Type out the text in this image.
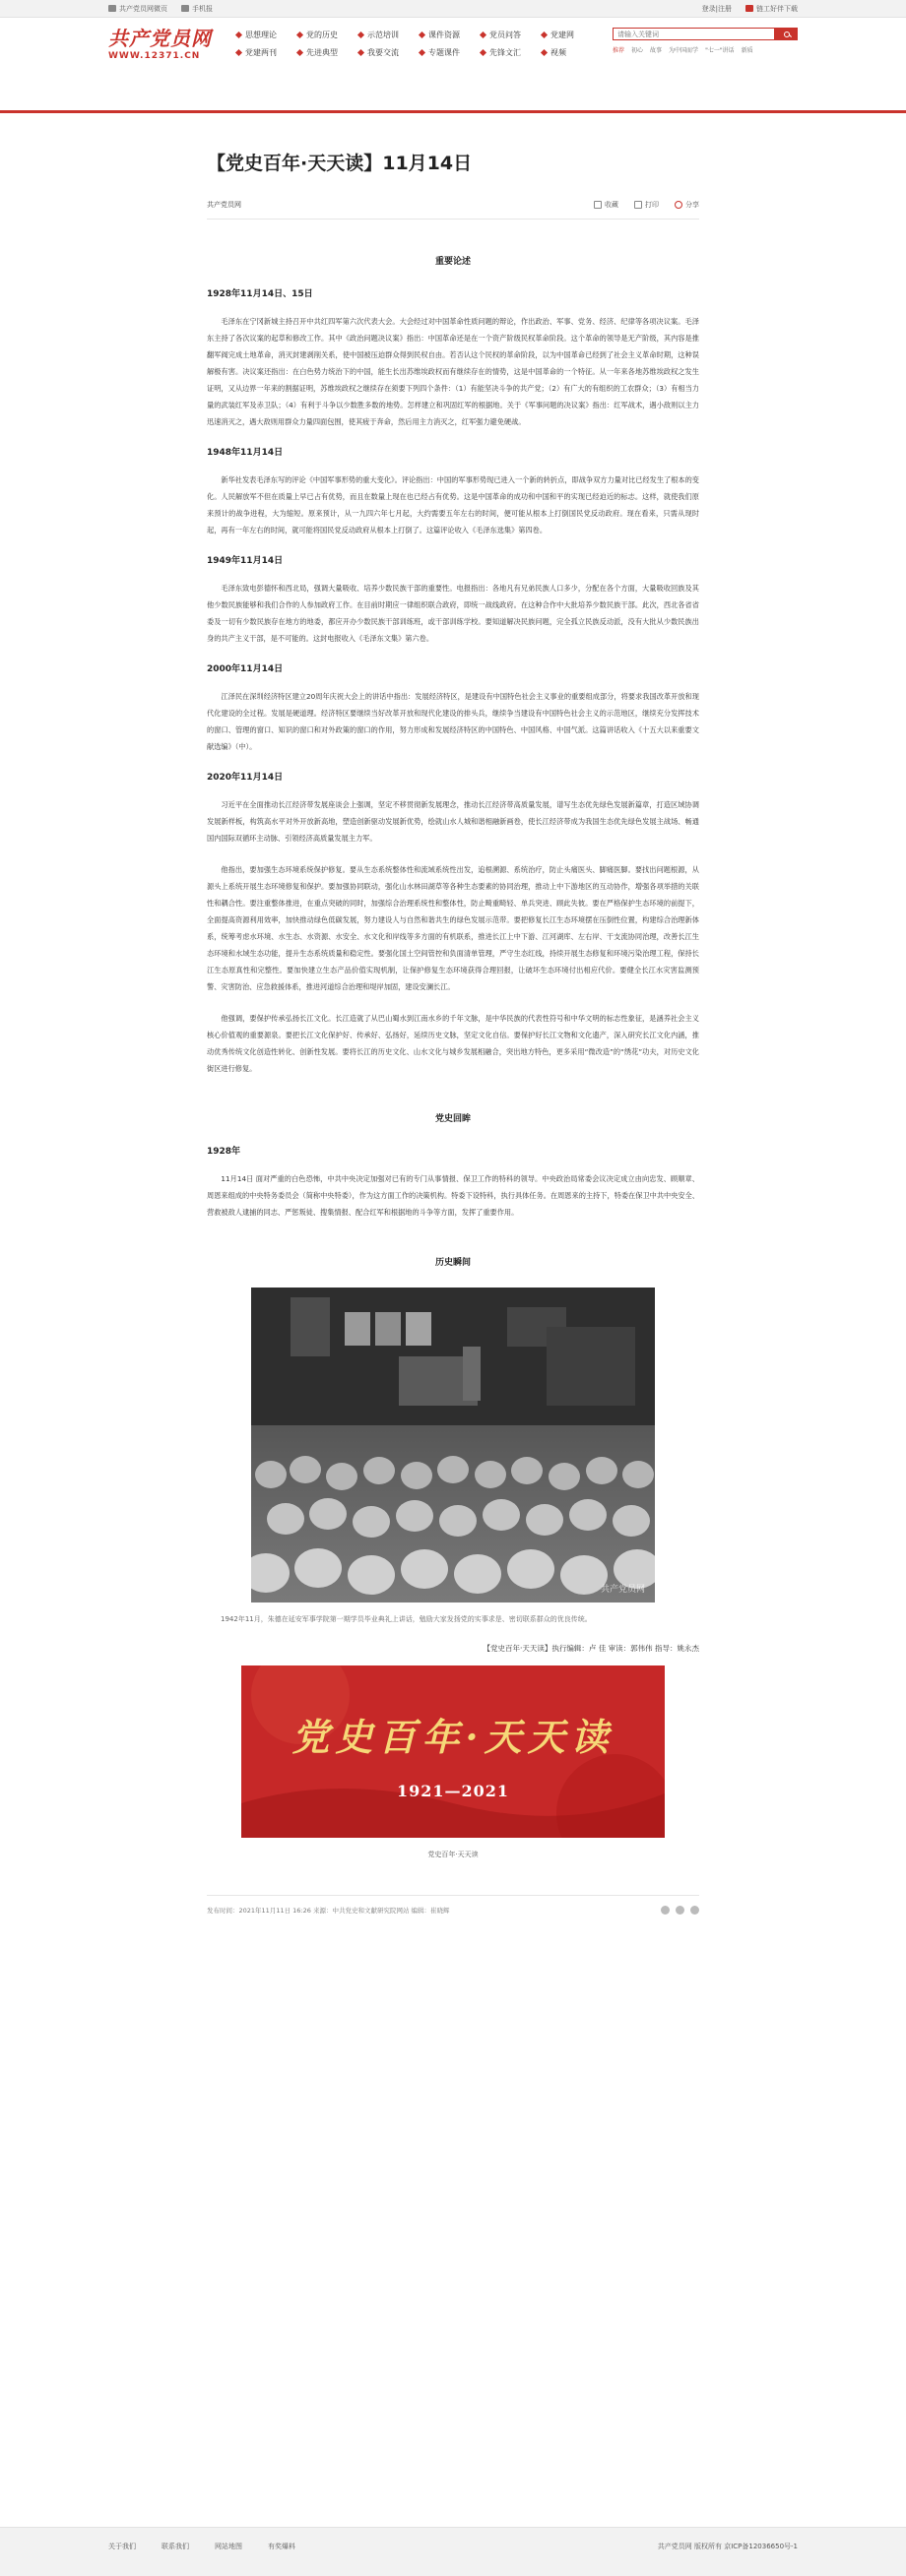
共产党员网微页	手机报	登录|注册	链工好伴下载
共产党员网
WWW.12371.CN
思想理论	党的历史	示范培训	课件资源	党员问答	党建网
党建两刊	先进典型	我要交流	专题课件	先锋文汇	视频
请输入关键词	推荐 初心 故事 为中国而学 "七一"讲话 新质
【党史百年·天天读】11月14日
共产党员网	收藏	打印	分享
重要论述
1928年11月14日、15日

毛泽东在宁冈新城主持召开中共红四军第六次代表大会。大会经过对中国革命性质问题的辩论，作出政治、军事、党务、经济、纪律等各项决议案。毛泽东主持了各次议案的起草和修改工作。其中《政治问题决议案》指出：中国革命还是在一个资产阶级民权革命阶段。这个革命的领导是无产阶级，其内容是推翻军阀完成土地革命，消灭封建剥削关系，使中国被压迫群众得到民权自由。若否认这个民权的革命阶段，以为中国革命已经到了社会主义革命时期，这种误解极有害。决议案还指出：在白色势力统治下的中国，能生长出苏维埃政权而有继续存在的情势，这是中国革命的一个特征。从一年来各地苏维埃政权之发生证明，又从边界一年来的割据证明，苏维埃政权之继续存在须要下列四个条件：（1）有能坚决斗争的共产党；（2）有广大的有组织的工农群众；（3）有相当力量的武装红军及赤卫队；（4）有利于斗争以少数胜多数的地势。怎样建立和巩固红军的根据地。关于《军事问题的决议案》指出：红军战术，遇小敌则以主力迅速消灭之，遇大敌则用群众力量四面包围，使其疲于奔命，然后用主力消灭之，红军强力避免硬战。

1948年11月14日

新华社发表毛泽东写的评论《中国军事形势的重大变化》。评论指出：中国的军事形势现已进入一个新的转折点，即战争双方力量对比已经发生了根本的变化。人民解放军不但在质量上早已占有优势，而且在数量上现在也已经占有优势。这是中国革命的成功和中国和平的实现已经迫近的标志。这样，就使我们原来预计的战争进程，大为缩短。原来预计，从一九四六年七月起，大约需要五年左右的时间，便可能从根本上打倒国民党反动政府。现在看来，只需从现时起，再有一年左右的时间，就可能将国民党反动政府从根本上打倒了。这篇评论收入《毛泽东选集》第四卷。

1949年11月14日

毛泽东致电彭德怀和西北局，强调大量吸收、培养少数民族干部的重要性。电报指出：各地凡有兄弟民族人口多少，分配在各个方面，大量吸收回族及其他少数民族能够和我们合作的人参加政府工作。在目前时期应一律组织联合政府，即统一战线政府。在这种合作中大批培养少数民族干部。此次，西北各省省委及一切有少数民族存在地方的地委，都应开办少数民族干部训练班，或干部训练学校。要知道解决民族问题，完全孤立民族反动派，没有大批从少数民族出身的共产主义干部，是不可能的。这封电报收入《毛泽东文集》第六卷。

2000年11月14日

江泽民在深圳经济特区建立20周年庆祝大会上的讲话中指出：发展经济特区，是建设有中国特色社会主义事业的重要组成部分，将要求我国改革开放和现代化建设的全过程。发展是硬道理。经济特区要继续当好改革开放和现代化建设的排头兵，继续争当建设有中国特色社会主义的示范地区，继续充分发挥技术的窗口、管理的窗口、知识的窗口和对外政策的窗口的作用，努力形成和发展经济特区的中国特色、中国风格、中国气派。这篇讲话收入《十五大以来重要文献选编》（中）。

2020年11月14日

习近平在全面推动长江经济带发展座谈会上强调，坚定不移贯彻新发展理念，推动长江经济带高质量发展，谱写生态优先绿色发展新篇章，打造区域协调发展新样板，构筑高水平对外开放新高地，塑造创新驱动发展新优势，绘就山水人城和谐相融新画卷，使长江经济带成为我国生态优先绿色发展主战场、畅通国内国际双循环主动脉、引领经济高质量发展主力军。

他指出，要加强生态环境系统保护修复。要从生态系统整体性和流域系统性出发，追根溯源、系统治疗，防止头痛医头、脚痛医脚。要找出问题根源，从源头上系统开展生态环境修复和保护。要加强协同联动，强化山水林田湖草等各种生态要素的协同治理，推动上中下游地区的互动协作，增强各项举措的关联性和耦合性。要注重整体推进，在重点突破的同时，加强综合治理系统性和整体性，防止畸重畸轻、单兵突进、顾此失彼。要在严格保护生态环境的前提下，全面提高资源利用效率，加快推动绿色低碳发展，努力建设人与自然和谐共生的绿色发展示范带。要把修复长江生态环境摆在压倒性位置，构建综合治理新体系，统筹考虑水环境、水生态、水资源、水安全、水文化和岸线等多方面的有机联系，推进长江上中下游、江河湖库、左右岸、干支流协同治理，改善长江生态环境和水域生态功能，提升生态系统质量和稳定性。要强化国土空间管控和负面清单管理，严守生态红线，持续开展生态修复和环境污染治理工程，保持长江生态原真性和完整性。要加快建立生态产品价值实现机制，让保护修复生态环境获得合理回报，让破坏生态环境付出相应代价。要健全长江水灾害监测预警、灾害防治、应急救援体系，推进河道综合治理和堤岸加固，建设安澜长江。

他强调，要保护传承弘扬长江文化。长江造就了从巴山蜀水到江南水乡的千年文脉，是中华民族的代表性符号和中华文明的标志性象征，是涵养社会主义核心价值观的重要源泉。要把长江文化保护好、传承好、弘扬好，延续历史文脉，坚定文化自信。要保护好长江文物和文化遗产，深入研究长江文化内涵，推动优秀传统文化创造性转化、创新性发展。要将长江的历史文化、山水文化与城乡发展相融合，突出地方特色，更多采用“微改造”的“绣花”功夫，对历史文化街区进行修复。

党史回眸
1928年

11月14日 面对严重的白色恐怖，中共中央决定加强对已有的专门从事情报、保卫工作的特科的领导。中央政治局常委会议决定成立由向忠发、顾顺章、周恩来组成的中央特务委员会（简称中央特委），作为这方面工作的决策机构。特委下设特科，执行具体任务。在周恩来的主持下，特委在保卫中共中央安全、营救被敌人逮捕的同志、严惩叛徒、搜集情报、配合红军和根据地的斗争等方面，发挥了重要作用。

历史瞬间
共产党员网

1942年11月，朱德在延安军事学院第一期学员毕业典礼上讲话，勉励大家发扬党的实事求是、密切联系群众的优良传统。

【党史百年·天天读】执行编辑：卢 佳 审读：郭伟伟 指导：姚永杰

党史百年·天天读
1921—2021

党史百年·天天读

发布时间：2021年11月11日 16:26 来源：中共党史和文献研究院网站 编辑：崔晓辉
关于我们	联系我们	网站地图	有奖爆料	共产党员网 版权所有 京ICP备12036650号-1
